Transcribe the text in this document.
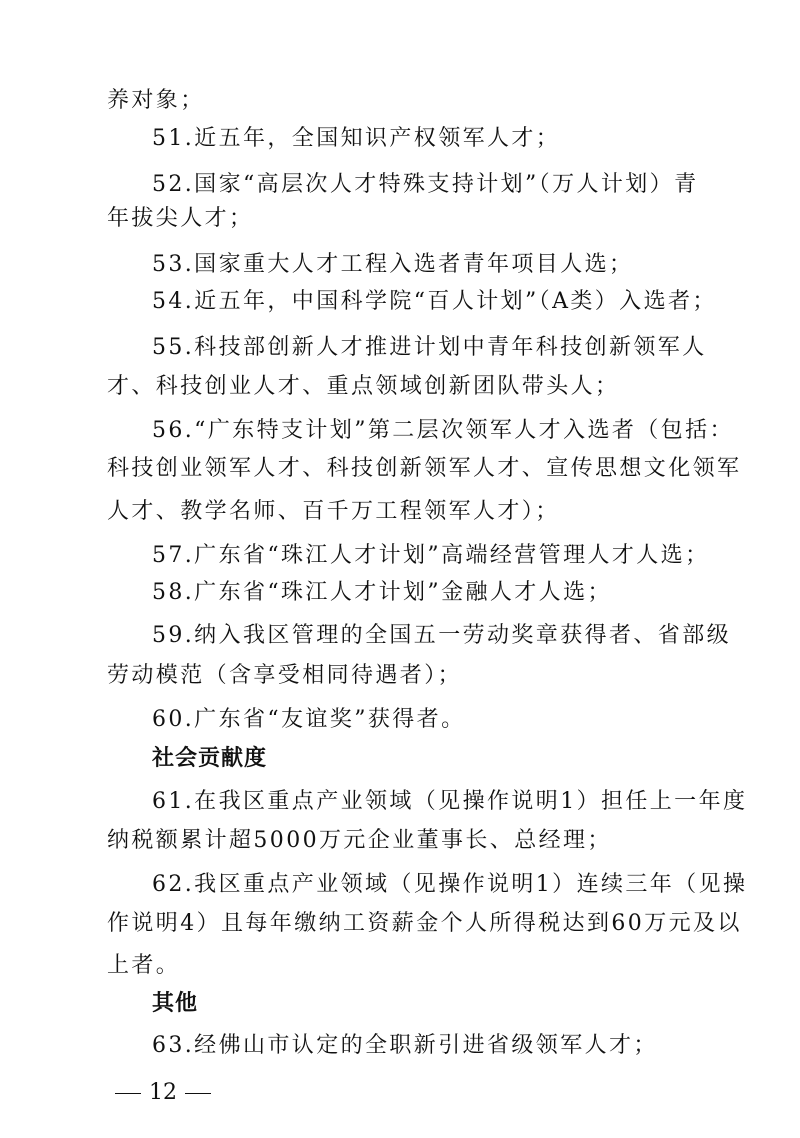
养对象；
51.近五年，全国知识产权领军人才；
52.国家“高层次人才特殊支持计划”（万人计划）青
年拔尖人才；
53.国家重大人才工程入选者青年项目人选；
54.近五年，中国科学院“百人计划”（A类）入选者；
55.科技部创新人才推进计划中青年科技创新领军人
才、科技创业人才、重点领域创新团队带头人；
56.“广东特支计划”第二层次领军人才入选者（包括：
科技创业领军人才、科技创新领军人才、宣传思想文化领军
人才、教学名师、百千万工程领军人才）；
57.广东省“珠江人才计划”高端经营管理人才人选；
58.广东省“珠江人才计划”金融人才人选；
59.纳入我区管理的全国五一劳动奖章获得者、省部级
劳动模范（含享受相同待遇者）；
60.广东省“友谊奖”获得者。
社会贡献度
61.在我区重点产业领域（见操作说明1）担任上一年度
纳税额累计超5000万元企业董事长、总经理；
62.我区重点产业领域（见操作说明1）连续三年（见操
作说明4）且每年缴纳工资薪金个人所得税达到60万元及以
上者。
其他
63.经佛山市认定的全职新引进省级领军人才；
12
